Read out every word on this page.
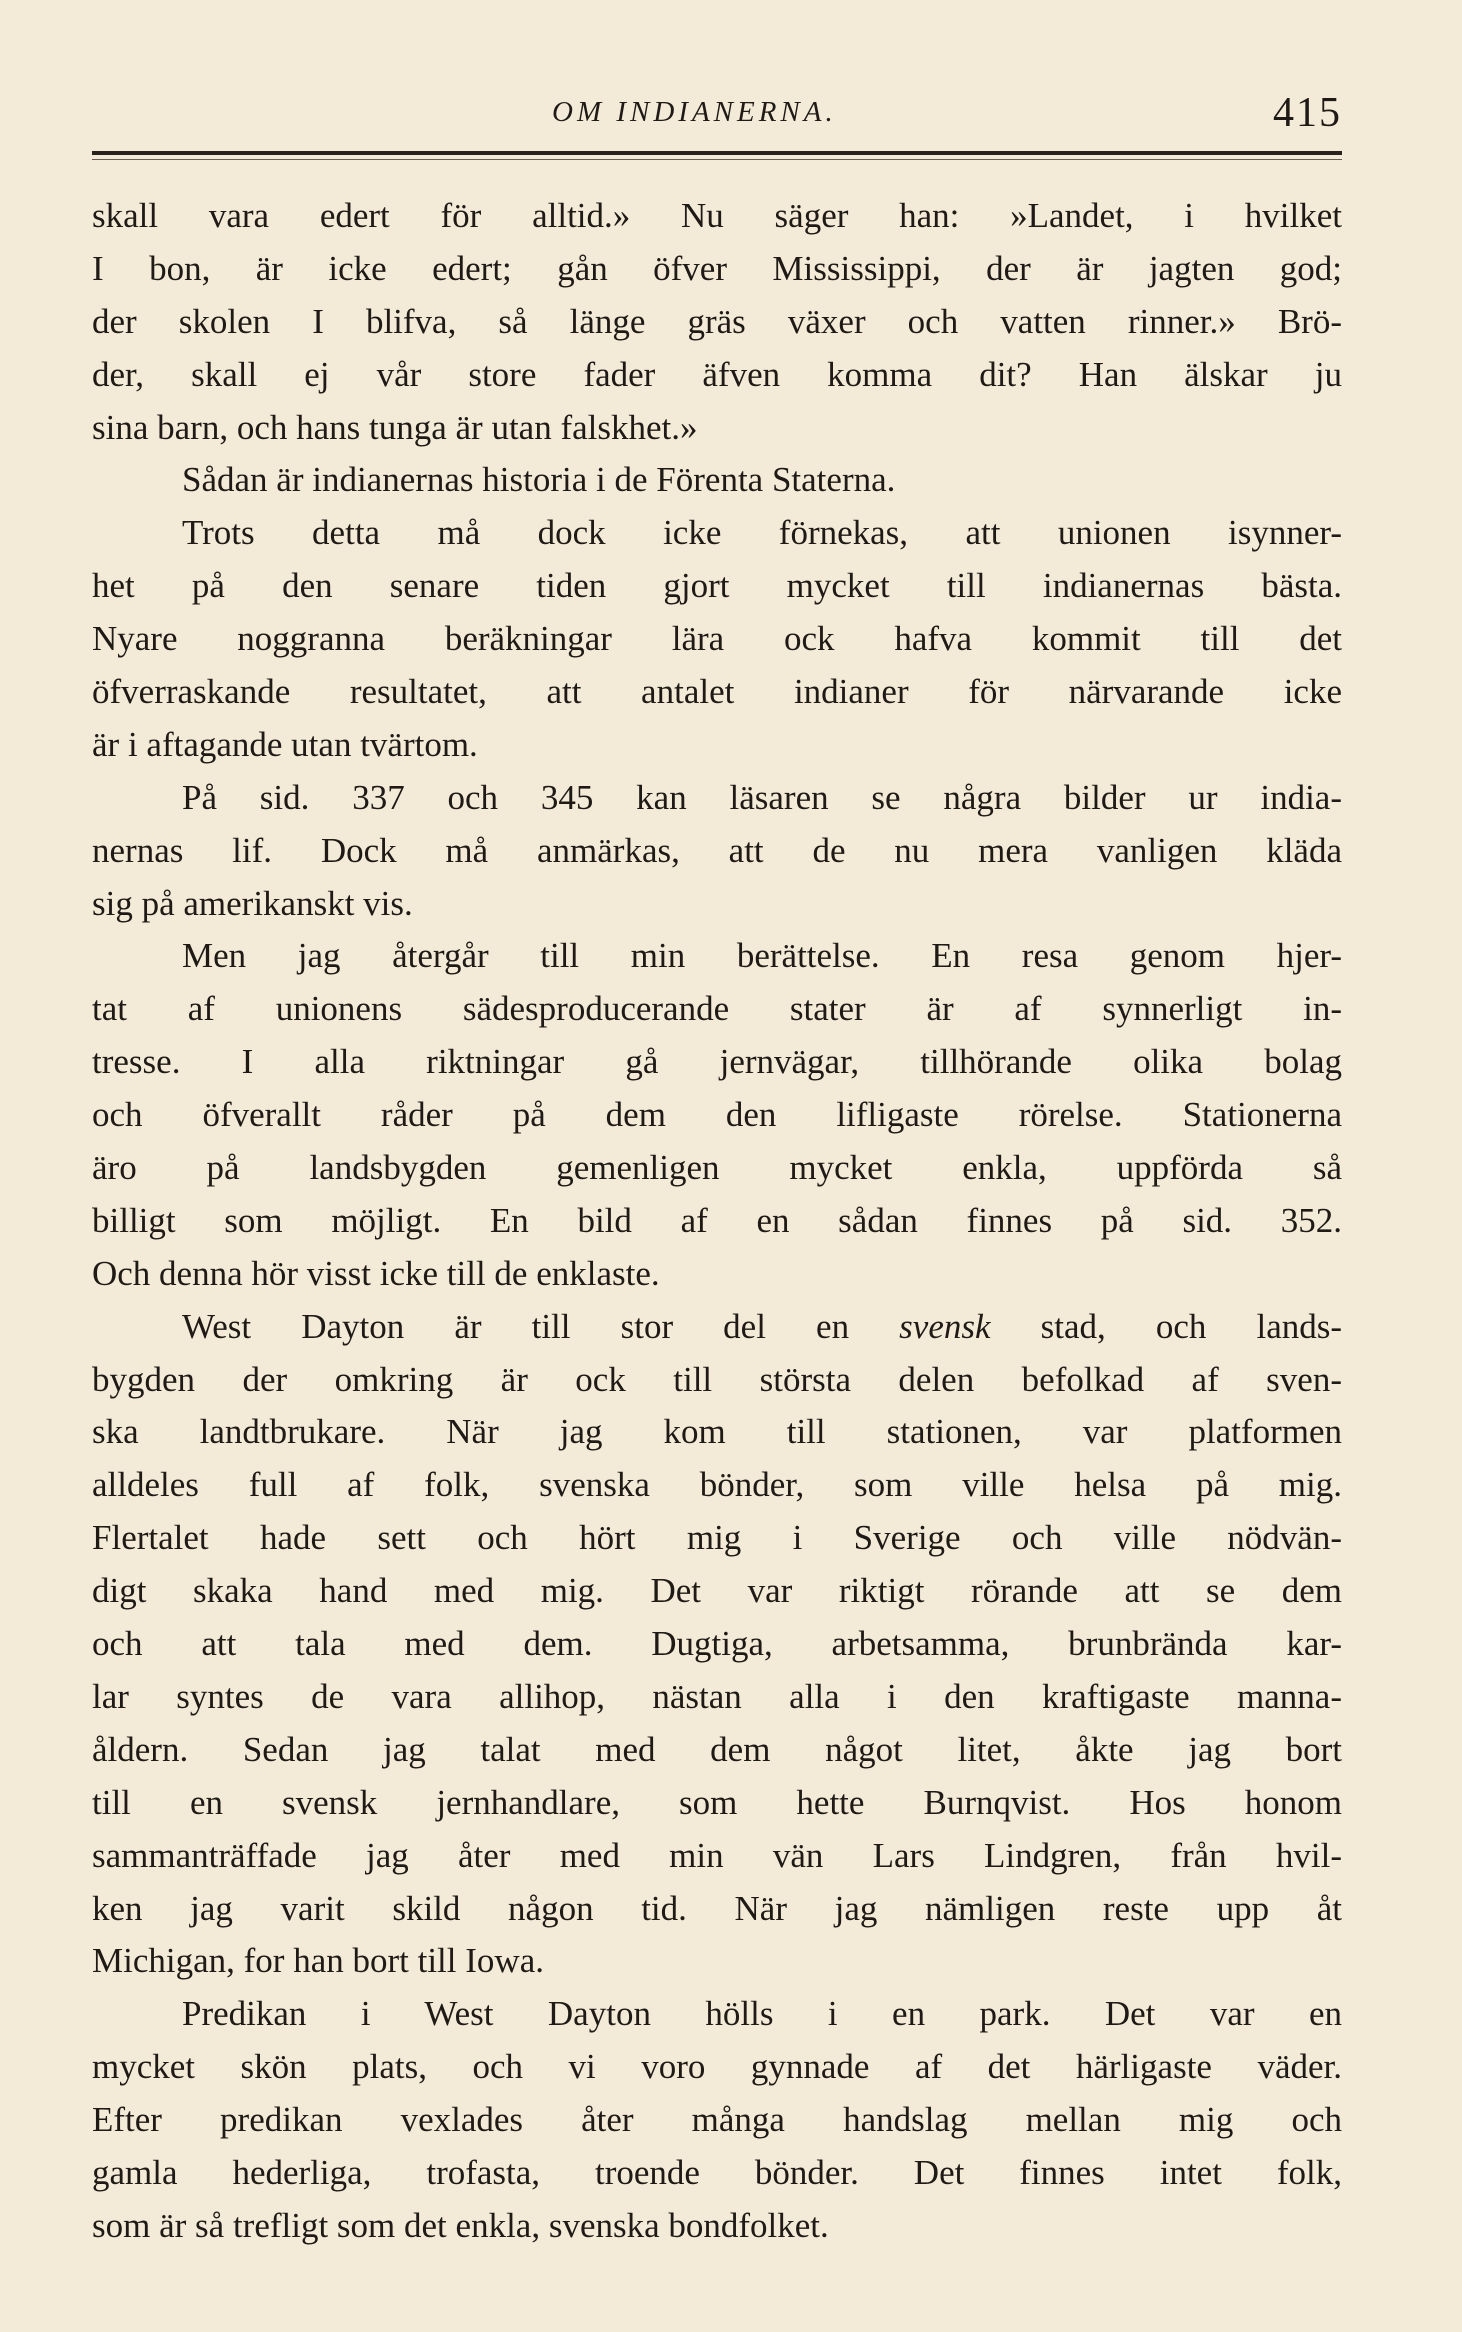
OM INDIANERNA.	415
skall vara edert för alltid.» Nu säger han: »Landet, i hvilket
I bon, är icke edert; gån öfver Mississippi, der är jagten god;
der skolen I blifva, så länge gräs växer och vatten rinner.» Brö-
der, skall ej vår store fader äfven komma dit? Han älskar ju
sina barn, och hans tunga är utan falskhet.»
Sådan är indianernas historia i de Förenta Staterna.
Trots detta må dock icke förnekas, att unionen isynner-
het på den senare tiden gjort mycket till indianernas bästa.
Nyare noggranna beräkningar lära ock hafva kommit till det
öfverraskande resultatet, att antalet indianer för närvarande icke
är i aftagande utan tvärtom.
På sid. 337 och 345 kan läsaren se några bilder ur india-
nernas lif. Dock må anmärkas, att de nu mera vanligen kläda
sig på amerikanskt vis.
Men jag återgår till min berättelse. En resa genom hjer-
tat af unionens sädesproducerande stater är af synnerligt in-
tresse. I alla riktningar gå jernvägar, tillhörande olika bolag
och öfverallt råder på dem den lifligaste rörelse. Stationerna
äro på landsbygden gemenligen mycket enkla, uppförda så
billigt som möjligt. En bild af en sådan finnes på sid. 352.
Och denna hör visst icke till de enklaste.
West Dayton är till stor del en svensk stad, och lands-
bygden der omkring är ock till största delen befolkad af sven-
ska landtbrukare. När jag kom till stationen, var platformen
alldeles full af folk, svenska bönder, som ville helsa på mig.
Flertalet hade sett och hört mig i Sverige och ville nödvän-
digt skaka hand med mig. Det var riktigt rörande att se dem
och att tala med dem. Dugtiga, arbetsamma, brunbrända kar-
lar syntes de vara allihop, nästan alla i den kraftigaste manna-
åldern. Sedan jag talat med dem något litet, åkte jag bort
till en svensk jernhandlare, som hette Burnqvist. Hos honom
sammanträffade jag åter med min vän Lars Lindgren, från hvil-
ken jag varit skild någon tid. När jag nämligen reste upp åt
Michigan, for han bort till Iowa.
Predikan i West Dayton hölls i en park. Det var en
mycket skön plats, och vi voro gynnade af det härligaste väder.
Efter predikan vexlades åter många handslag mellan mig och
gamla hederliga, trofasta, troende bönder. Det finnes intet folk,
som är så trefligt som det enkla, svenska bondfolket.
